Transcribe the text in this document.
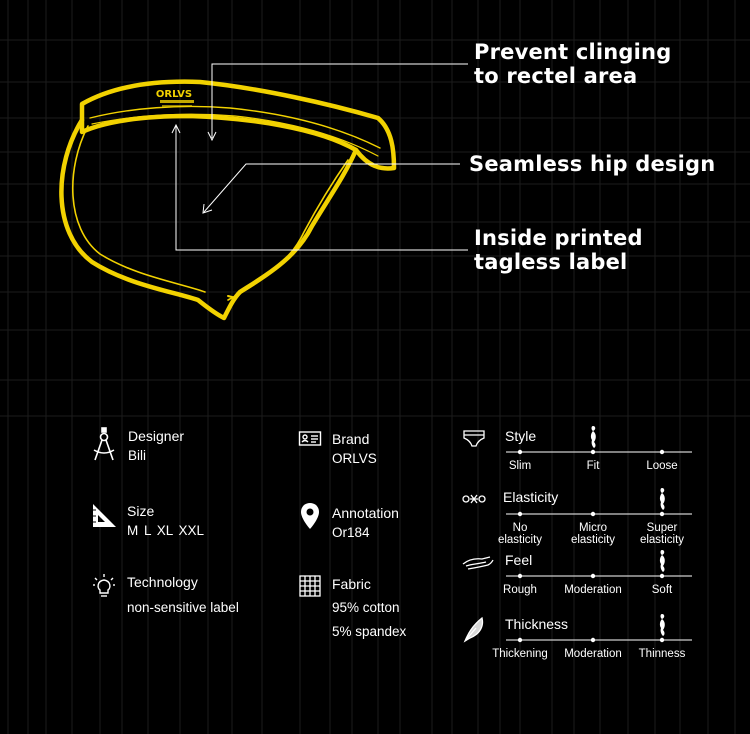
ORLVS
Prevent clinging
to rectel area
Seamless hip design
Inside printed
tagless label
Designer
Bili
Brand
ORLVS
Size
M L XL XXL
Annotation
Or184
Technology
non-sensitive label
Fabric
95% cotton
5% spandex
Style
Slim	Fit	Loose
Elasticity
No
elasticity
Micro
elasticity
Super
elasticity
Feel
Rough	Moderation	Soft
Thickness
Thickening	Moderation	Thinness
